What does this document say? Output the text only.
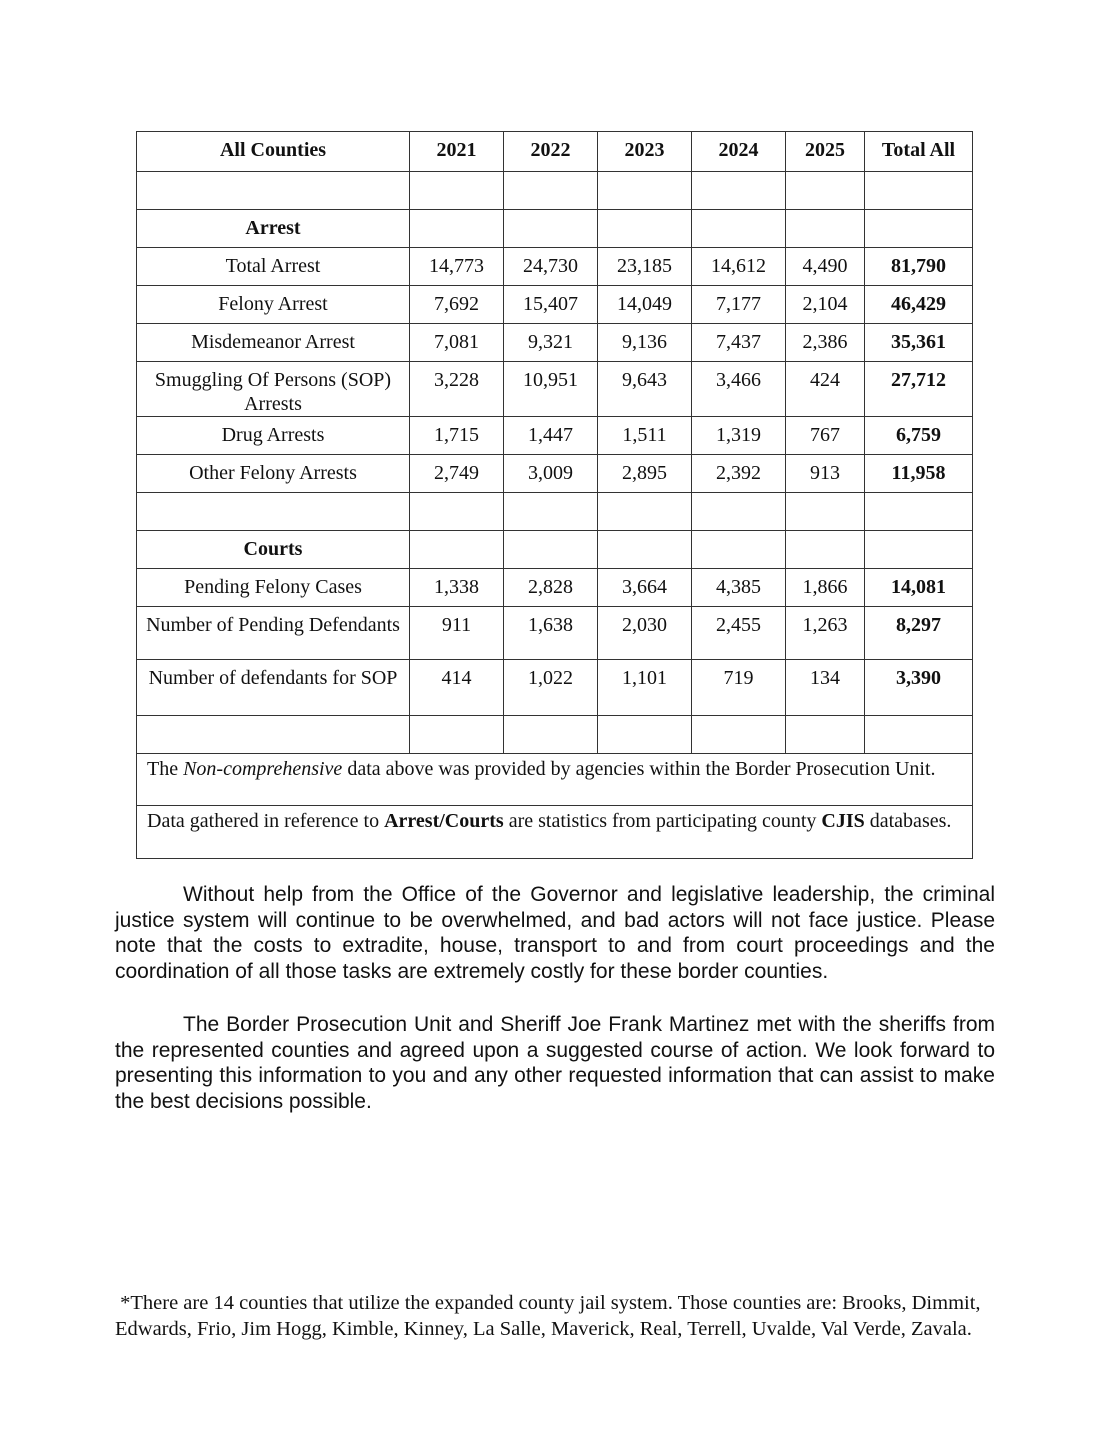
All Counties	2021	2022	2023	2024	2025	Total All

Arrest						
Total Arrest	14,773	24,730	23,185	14,612	4,490	81,790
Felony Arrest	7,692	15,407	14,049	7,177	2,104	46,429
Misdemeanor Arrest	7,081	9,321	9,136	7,437	2,386	35,361
Smuggling Of Persons (SOP) Arrests	3,228	10,951	9,643	3,466	424	27,712
Drug Arrests	1,715	1,447	1,511	1,319	767	6,759
Other Felony Arrests	2,749	3,009	2,895	2,392	913	11,958

Courts						
Pending Felony Cases	1,338	2,828	3,664	4,385	1,866	14,081
Number of Pending Defendants	911	1,638	2,030	2,455	1,263	8,297
Number of defendants for SOP	414	1,022	1,101	719	134	3,390

The Non-comprehensive data above was provided by agencies within the Border Prosecution Unit.						
Data gathered in reference to Arrest/Courts are statistics from participating county CJIS databases.						

Without help from the Office of the Governor and legislative leadership, the criminal justice system will continue to be overwhelmed, and bad actors will not face justice. Please note that the costs to extradite, house, transport to and from court proceedings and the coordination of all those tasks are extremely costly for these border counties.

The Border Prosecution Unit and Sheriff Joe Frank Martinez met with the sheriffs from the represented counties and agreed upon a suggested course of action. We look forward to presenting this information to you and any other requested information that can assist to make the best decisions possible.

*There are 14 counties that utilize the expanded county jail system. Those counties are: Brooks, Dimmit, Edwards, Frio, Jim Hogg, Kimble, Kinney, La Salle, Maverick, Real, Terrell, Uvalde, Val Verde, Zavala.
